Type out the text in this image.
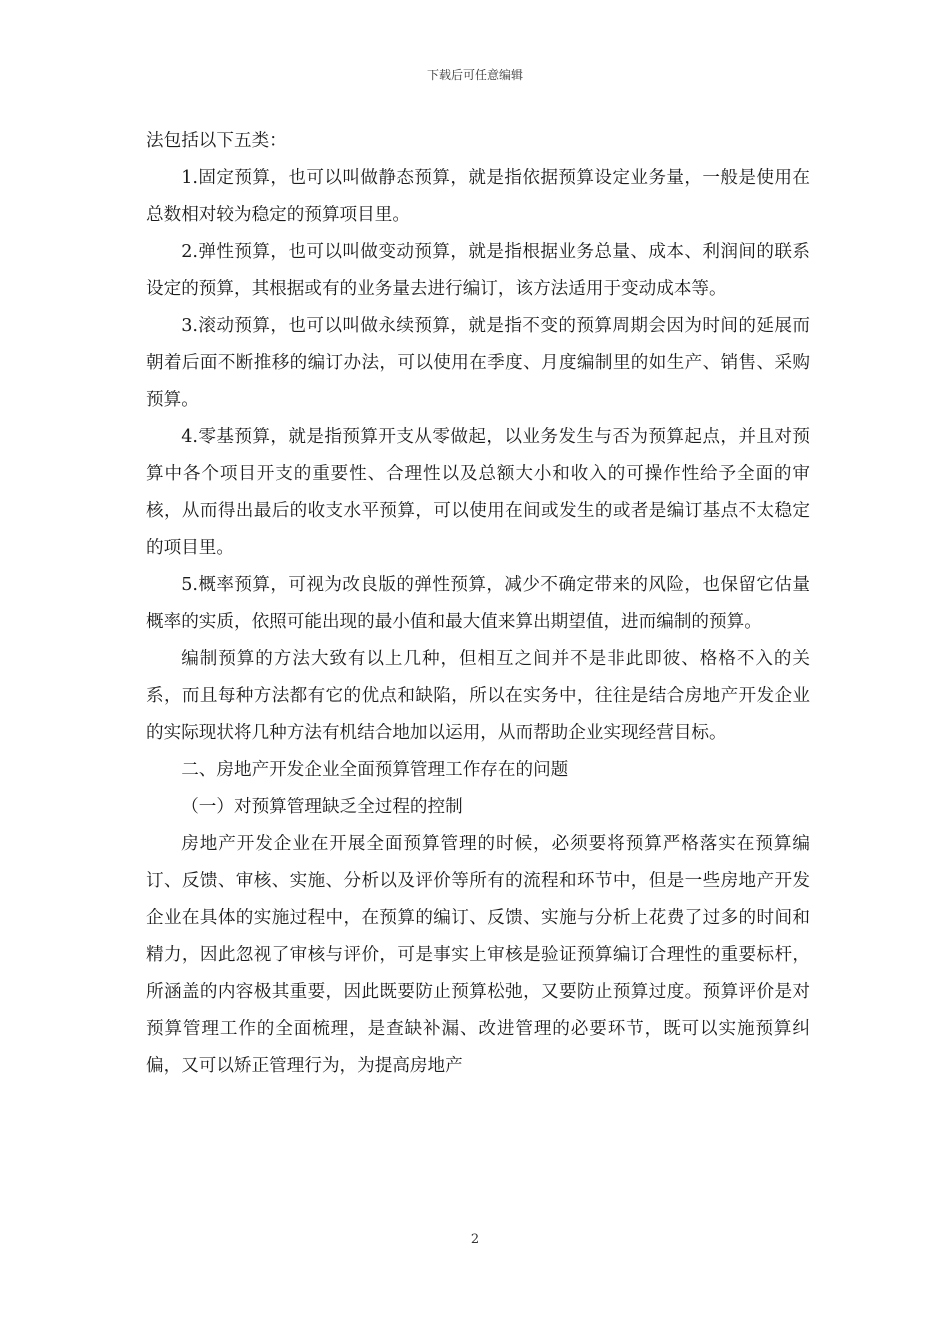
下载后可任意编辑

法包括以下五类：

1.固定预算，也可以叫做静态预算，就是指依据预算设定业务量，一般是使用在总数相对较为稳定的预算项目里。

2.弹性预算，也可以叫做变动预算，就是指根据业务总量、成本、利润间的联系设定的预算，其根据或有的业务量去进行编订，该方法适用于变动成本等。

3.滚动预算，也可以叫做永续预算，就是指不变的预算周期会因为时间的延展而朝着后面不断推移的编订办法，可以使用在季度、月度编制里的如生产、销售、采购预算。

4.零基预算，就是指预算开支从零做起，以业务发生与否为预算起点，并且对预算中各个项目开支的重要性、合理性以及总额大小和收入的可操作性给予全面的审核，从而得出最后的收支水平预算，可以使用在间或发生的或者是编订基点不太稳定的项目里。

5.概率预算，可视为改良版的弹性预算，减少不确定带来的风险，也保留它估量概率的实质，依照可能出现的最小值和最大值来算出期望值，进而编制的预算。

编制预算的方法大致有以上几种，但相互之间并不是非此即彼、格格不入的关系，而且每种方法都有它的优点和缺陷，所以在实务中，往往是结合房地产开发企业的实际现状将几种方法有机结合地加以运用，从而帮助企业实现经营目标。

二、房地产开发企业全面预算管理工作存在的问题

（一）对预算管理缺乏全过程的控制

房地产开发企业在开展全面预算管理的时候，必须要将预算严格落实在预算编订、反馈、审核、实施、分析以及评价等所有的流程和环节中，但是一些房地产开发企业在具体的实施过程中，在预算的编订、反馈、实施与分析上花费了过多的时间和精力，因此忽视了审核与评价，可是事实上审核是验证预算编订合理性的重要标杆，所涵盖的内容极其重要，因此既要防止预算松弛，又要防止预算过度。预算评价是对预算管理工作的全面梳理，是查缺补漏、改进管理的必要环节，既可以实施预算纠偏，又可以矫正管理行为，为提高房地产

2
